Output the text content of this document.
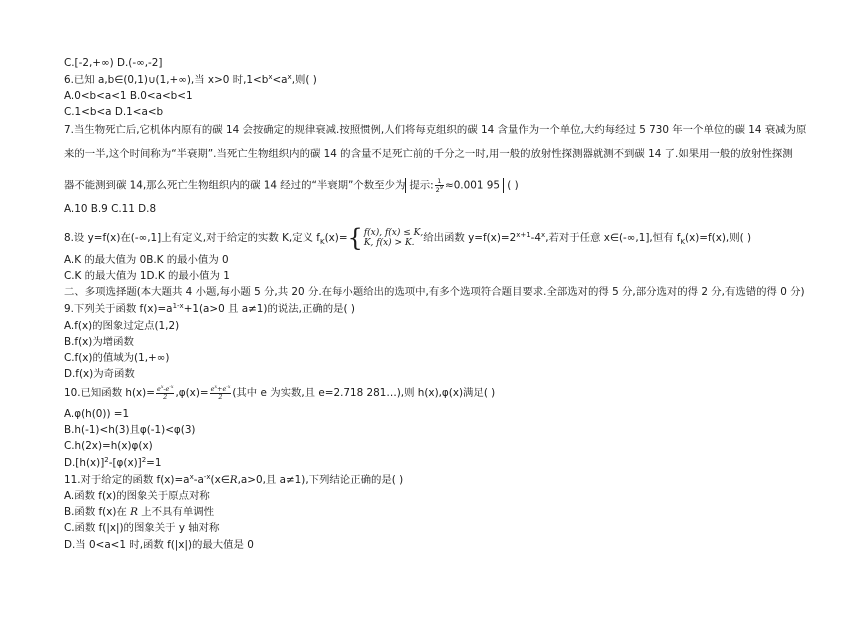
C.[-2,+∞) D.(-∞,-2]
6.已知 a,b∈(0,1)∪(1,+∞),当 x>0 时$,1<b^x<a^x$,则( )
A.0<b<a<1 B.0<a<b<1
C.1<b<a D.1<a<b
7.当生物死亡后,它机体内原有的碳 14 会按确定的规律衰减.按照惯例,人们将每克组织的碳 14 含量作为一个单位,大约每经过 5 730 年一个单位的碳 14 衰减为原
来的一半,这个时间称为“半衰期”.当死亡生物组织内的碳 14 的含量不足死亡前的千分之一时,用一般的放射性探测器就测不到碳 14 了.如果用一般的放射性探测
器不能测到碳 14,那么死亡生物组织内的碳 14 经过的“半衰期”个数至少为 提示: $\frac{1}{2^9} \approx 0.001$ 95 ( )
A.10 B.9 C.11 D.8
8.设 y=f(x)在(-∞,1]上有定义,对于给定的实数 K,定义 $f_K(x)=$ { f(x), f(x) ≤ K,
K, f(x) > K. 给出函数 $y=f(x)=2^{x+1}-4^x$,若对于任意 x∈(-∞,1],恒有 $f_K(x)=f(x)$,则( )
A.K 的最大值为 0B.K 的最小值为 0
C.K 的最大值为 1D.K 的最小值为 1
二、多项选择题(本大题共 4 小题,每小题 5 分,共 20 分.在每小题给出的选项中,有多个选项符合题目要求.全部选对的得 5 分,部分选对的得 2 分,有选错的得 0 分)
9.下列关于函数 $f(x)=a^{1-x}+1(a>0$ 且 a≠1)的说法,正确的是( )
A.f(x)的图象过定点(1,2)
B.f(x)为增函数
C.f(x)的值域为(1,+∞)
D.f(x)为奇函数
10.已知函数 $h(x)= \frac{e^x-e^{-x}}{2} ,\varphi(x)= \frac{e^x+e^{-x}}{2}$ (其中 e 为实数,且 e=2.718 281…),则 h(x),φ(x)满足( )
A.φ(h(0)) =1
B.h(-1)<h(3)且φ(-1)<φ(3)
C.h(2x)=h(x)φ(x)
$D.[h(x)]^2-[\varphi(x)]^2=1$
11.对于给定的函数 $f(x)=a^x-a^{-x}(x\in R,a>0$,且 a≠1),下列结论正确的是( )
A.函数 f(x)的图象关于原点对称
B.函数 f(x)在 R 上不具有单调性
C.函数 f(|x|)的图象关于 y 轴对称
D.当 0<a<1 时,函数 f(|x|)的最大值是 0
